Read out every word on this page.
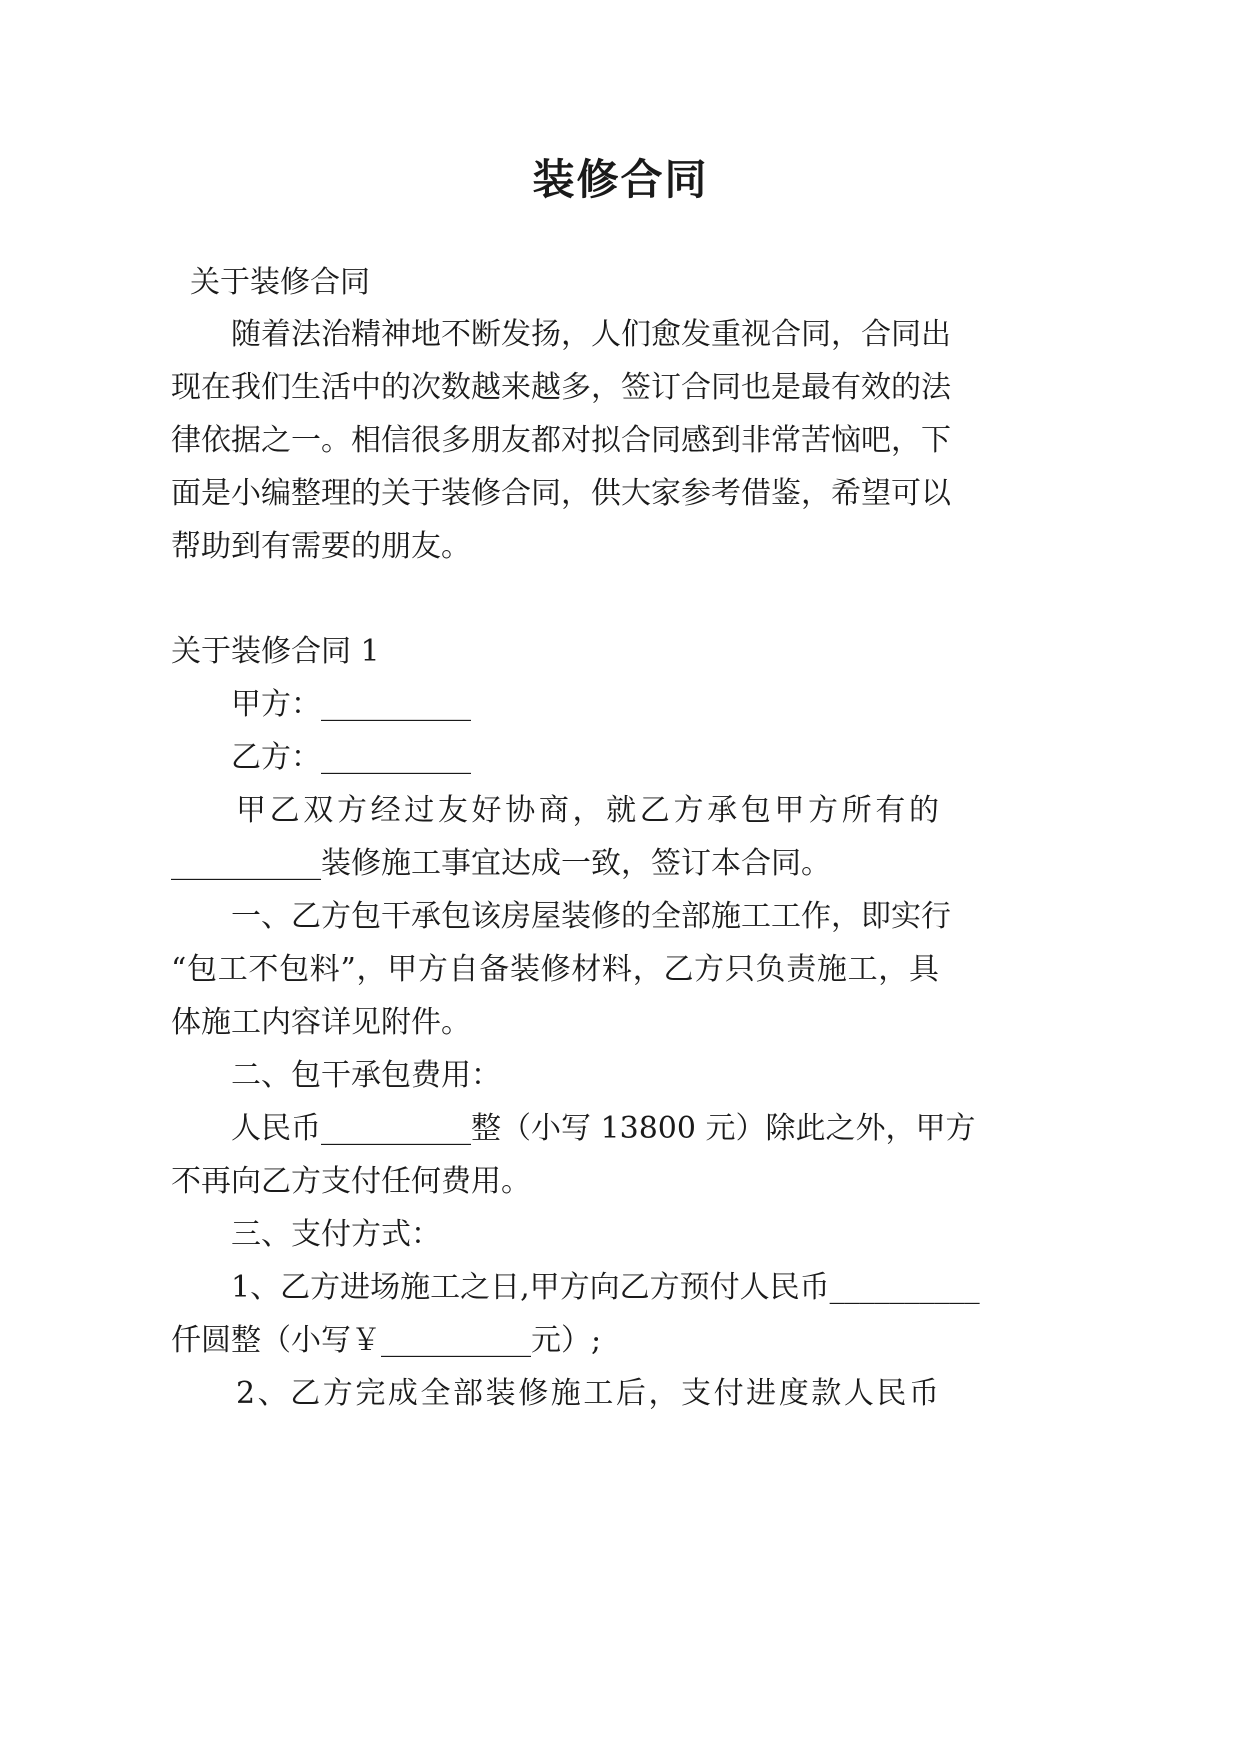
装修合同
关于装修合同
随着法治精神地不断发扬，人们愈发重视合同，合同出
现在我们生活中的次数越来越多，签订合同也是最有效的法
律依据之一。相信很多朋友都对拟合同感到非常苦恼吧，下
面是小编整理的关于装修合同，供大家参考借鉴，希望可以
帮助到有需要的朋友。
关于装修合同 1
甲方：__________
乙方：__________
甲乙双方经过友好协商，就乙方承包甲方所有的
__________装修施工事宜达成一致，签订本合同。
一、乙方包干承包该房屋装修的全部施工工作，即实行
“包工不包料”，甲方自备装修材料，乙方只负责施工，具
体施工内容详见附件。
二、包干承包费用：
人民币__________整（小写 13800 元）除此之外，甲方
不再向乙方支付任何费用。
三、支付方式：
1、乙方进场施工之日,甲方向乙方预付人民币__________
仟圆整（小写￥__________元）;
2、乙方完成全部装修施工后，支付进度款人民币
